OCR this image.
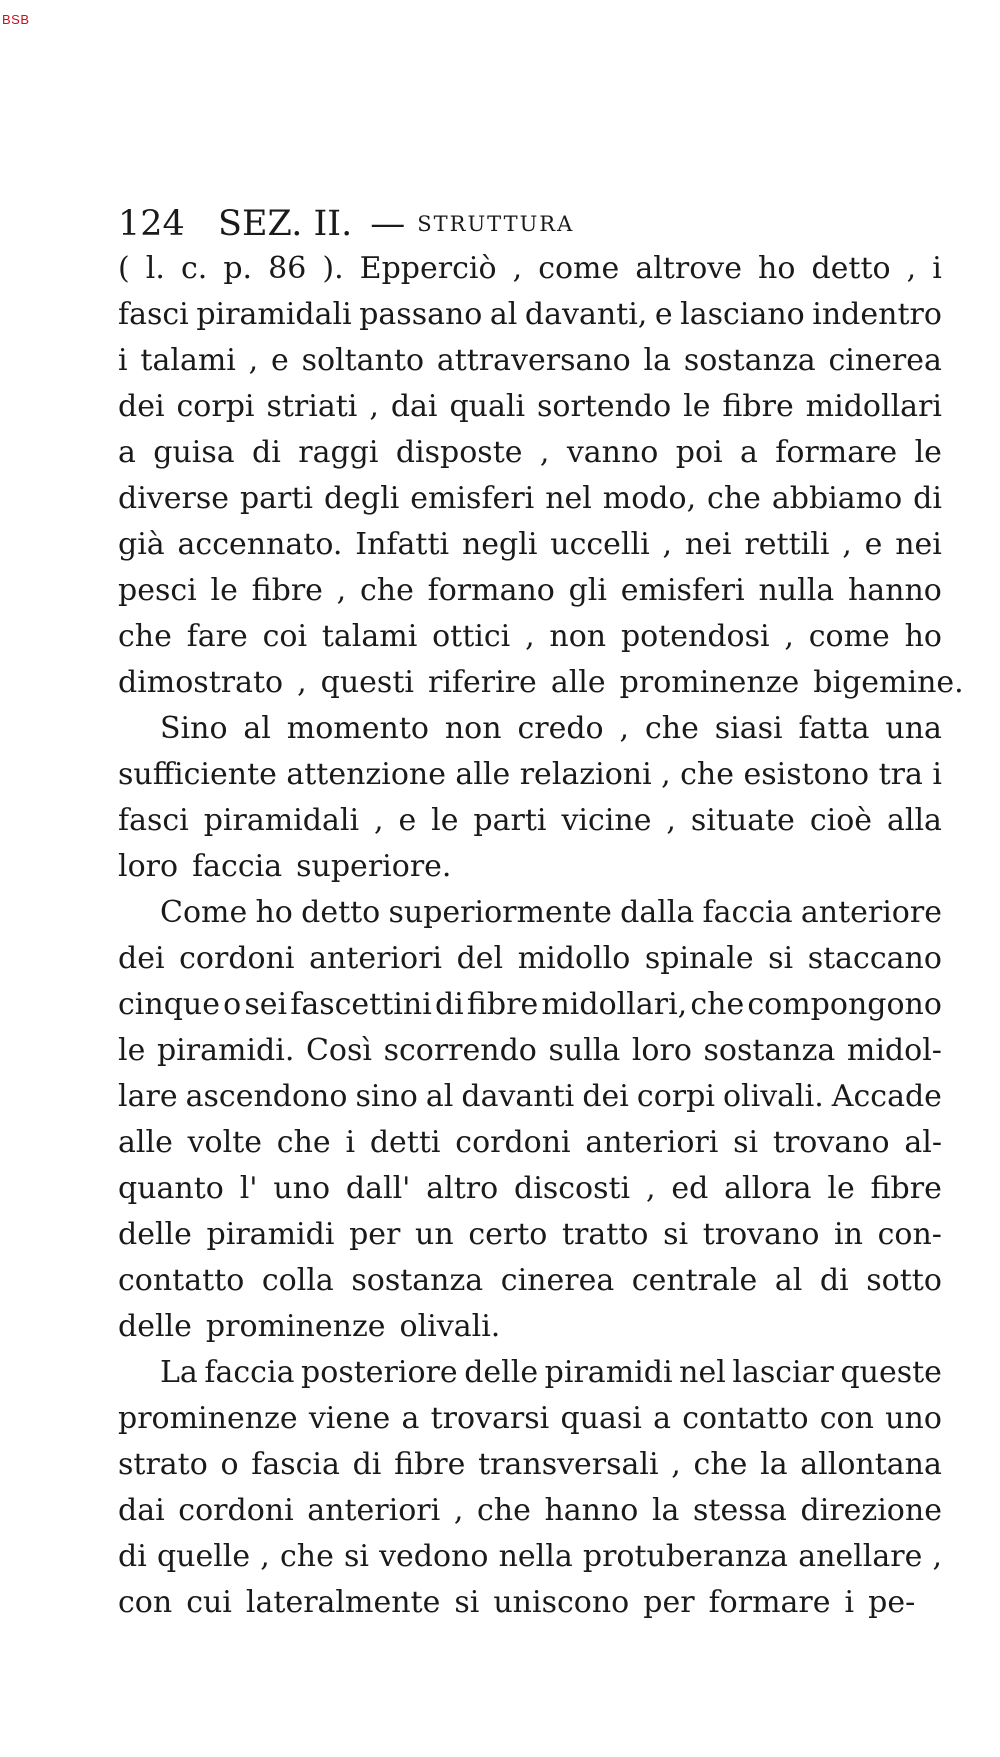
BSB
124 SEZ. II. — STRUTTURA
( l. c. p. 86 ). Epperciò , come altrove ho detto , i
fasci piramidali passano al davanti, e lasciano indentro
i talami , e soltanto attraversano la sostanza cinerea
dei corpi striati , dai quali sortendo le fibre midollari
a guisa di raggi disposte , vanno poi a formare le
diverse parti degli emisferi nel modo, che abbiamo di
già accennato. Infatti negli uccelli , nei rettili , e nei
pesci le fibre , che formano gli emisferi nulla hanno
che fare coi talami ottici , non potendosi , come ho
dimostrato , questi riferire alle prominenze bigemine.
Sino al momento non credo , che siasi fatta una
sufficiente attenzione alle relazioni , che esistono tra i
fasci piramidali , e le parti vicine , situate cioè alla
loro faccia superiore.
Come ho detto superiormente dalla faccia anteriore
dei cordoni anteriori del midollo spinale si staccano
cinque o sei fascettini di fibre midollari, che compongono
le piramidi. Così scorrendo sulla loro sostanza midol-
lare ascendono sino al davanti dei corpi olivali. Accade
alle volte che i detti cordoni anteriori si trovano al-
quanto l' uno dall' altro discosti , ed allora le fibre
delle piramidi per un certo tratto si trovano in con-
contatto colla sostanza cinerea centrale al di sotto
delle prominenze olivali.
La faccia posteriore delle piramidi nel lasciar queste
prominenze viene a trovarsi quasi a contatto con uno
strato o fascia di fibre transversali , che la allontana
dai cordoni anteriori , che hanno la stessa direzione
di quelle , che si vedono nella protuberanza anellare ,
con cui lateralmente si uniscono per formare i pe-
